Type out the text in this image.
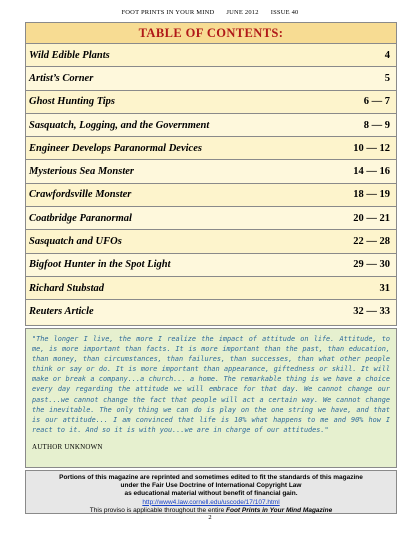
FOOT PRINTS IN YOUR MIND JUNE 2012 ISSUE 40
TABLE OF CONTENTS:
Wild Edible Plants	4
Artist’s Corner	5
Ghost Hunting Tips	6 — 7
Sasquatch, Logging, and the Government	8 — 9
Engineer Develops Paranormal Devices	10 — 12
Mysterious Sea Monster	14 — 16
Crawfordsville Monster	18 — 19
Coatbridge Paranormal	20 — 21
Sasquatch and UFOs	22 — 28
Bigfoot Hunter in the Spot Light	29 — 30
Richard Stubstad	31
Reuters Article	32 — 33

"The longer I live, the more I realize the impact of attitude on life. Attitude, to me, is more important than facts. It is more important than the past, than education, than money, than circumstances, than failures, than successes, than what other people think or say or do. It is more important than appearance, giftedness or skill. It will make or break a company...a church... a home. The remarkable thing is we have a choice every day regarding the attitude we will embrace for that day. We cannot change our past...we cannot change the fact that people will act a certain way. We cannot change the inevitable. The only thing we can do is play on the one string we have, and that is our attitude... I am convinced that life is 10% what happens to me and 90% how I react to it. And so it is with you...we are in charge of our attitudes."

AUTHOR UNKNOWN
Portions of this magazine are reprinted and sometimes edited to fit the standards of this magazine
under the Fair Use Doctrine of International Copyright Law
as educational material without benefit of financial gain.
http://www4.law.cornell.edu/uscode/17/107.html
This proviso is applicable throughout the entire Foot Prints in Your Mind Magazine
2
